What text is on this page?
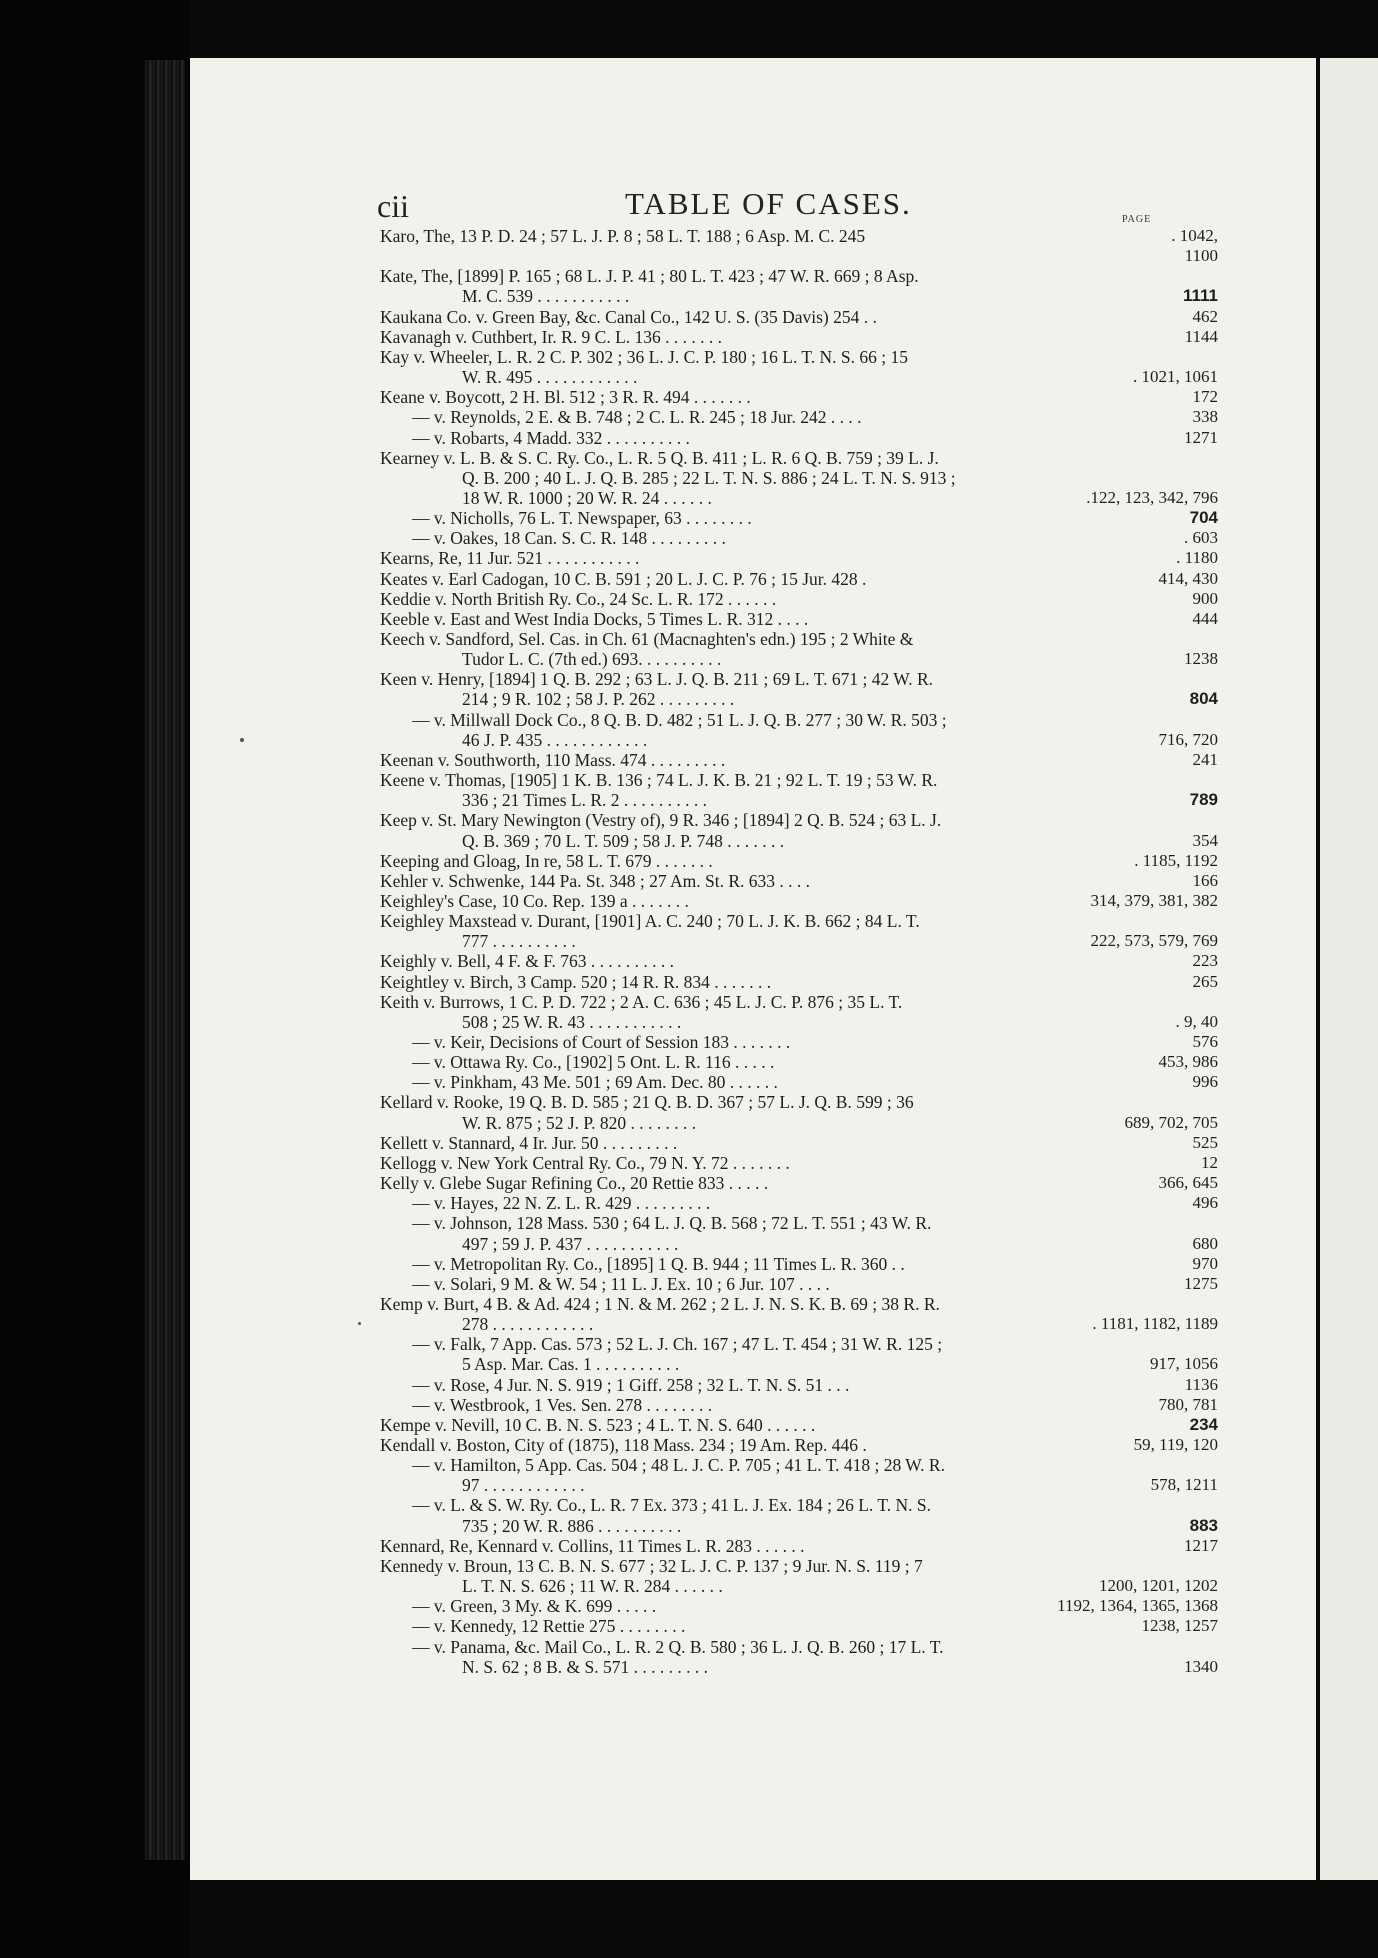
cii	TABLE OF CASES.	PAGE
Karo, The, 13 P. D. 24 ; 57 L. J. P. 8 ; 58 L. T. 188 ; 6 Asp. M. C. 245	. 1042,
1100
Kate, The, [1899] P. 165 ; 68 L. J. P. 41 ; 80 L. T. 423 ; 47 W. R. 669 ; 8 Asp.
M. C. 539 . . . . . . . . . . .	1111
Kaukana Co. v. Green Bay, &c. Canal Co., 142 U. S. (35 Davis) 254 . .	462
Kavanagh v. Cuthbert, Ir. R. 9 C. L. 136 . . . . . . .	1144
Kay v. Wheeler, L. R. 2 C. P. 302 ; 36 L. J. C. P. 180 ; 16 L. T. N. S. 66 ; 15
W. R. 495 . . . . . . . . . . . .	. 1021, 1061
Keane v. Boycott, 2 H. Bl. 512 ; 3 R. R. 494 . . . . . . .	172
— v. Reynolds, 2 E. & B. 748 ; 2 C. L. R. 245 ; 18 Jur. 242 . . . .	338
— v. Robarts, 4 Madd. 332 . . . . . . . . . .	1271
Kearney v. L. B. & S. C. Ry. Co., L. R. 5 Q. B. 411 ; L. R. 6 Q. B. 759 ; 39 L. J.
Q. B. 200 ; 40 L. J. Q. B. 285 ; 22 L. T. N. S. 886 ; 24 L. T. N. S. 913 ;
18 W. R. 1000 ; 20 W. R. 24 . . . . . .	.122, 123, 342, 796
— v. Nicholls, 76 L. T. Newspaper, 63 . . . . . . . .	704
— v. Oakes, 18 Can. S. C. R. 148 . . . . . . . . .	. 603
Kearns, Re, 11 Jur. 521 . . . . . . . . . . .	. 1180
Keates v. Earl Cadogan, 10 C. B. 591 ; 20 L. J. C. P. 76 ; 15 Jur. 428 .	414, 430
Keddie v. North British Ry. Co., 24 Sc. L. R. 172 . . . . . .	900
Keeble v. East and West India Docks, 5 Times L. R. 312 . . . .	444
Keech v. Sandford, Sel. Cas. in Ch. 61 (Macnaghten's edn.) 195 ; 2 White &
Tudor L. C. (7th ed.) 693. . . . . . . . . .	1238
Keen v. Henry, [1894] 1 Q. B. 292 ; 63 L. J. Q. B. 211 ; 69 L. T. 671 ; 42 W. R.
214 ; 9 R. 102 ; 58 J. P. 262 . . . . . . . . .	804
— v. Millwall Dock Co., 8 Q. B. D. 482 ; 51 L. J. Q. B. 277 ; 30 W. R. 503 ;
46 J. P. 435 . . . . . . . . . . . .	716, 720
Keenan v. Southworth, 110 Mass. 474 . . . . . . . . .	241
Keene v. Thomas, [1905] 1 K. B. 136 ; 74 L. J. K. B. 21 ; 92 L. T. 19 ; 53 W. R.
336 ; 21 Times L. R. 2 . . . . . . . . . .	789
Keep v. St. Mary Newington (Vestry of), 9 R. 346 ; [1894] 2 Q. B. 524 ; 63 L. J.
Q. B. 369 ; 70 L. T. 509 ; 58 J. P. 748 . . . . . . .	354
Keeping and Gloag, In re, 58 L. T. 679 . . . . . . .	. 1185, 1192
Kehler v. Schwenke, 144 Pa. St. 348 ; 27 Am. St. R. 633 . . . .	166
Keighley's Case, 10 Co. Rep. 139 a . . . . . . .	314, 379, 381, 382
Keighley Maxstead v. Durant, [1901] A. C. 240 ; 70 L. J. K. B. 662 ; 84 L. T.
777 . . . . . . . . . .	222, 573, 579, 769
Keighly v. Bell, 4 F. & F. 763 . . . . . . . . . .	223
Keightley v. Birch, 3 Camp. 520 ; 14 R. R. 834 . . . . . . .	265
Keith v. Burrows, 1 C. P. D. 722 ; 2 A. C. 636 ; 45 L. J. C. P. 876 ; 35 L. T.
508 ; 25 W. R. 43 . . . . . . . . . . .	. 9, 40
— v. Keir, Decisions of Court of Session 183 . . . . . . .	576
— v. Ottawa Ry. Co., [1902] 5 Ont. L. R. 116 . . . . .	453, 986
— v. Pinkham, 43 Me. 501 ; 69 Am. Dec. 80 . . . . . .	996
Kellard v. Rooke, 19 Q. B. D. 585 ; 21 Q. B. D. 367 ; 57 L. J. Q. B. 599 ; 36
W. R. 875 ; 52 J. P. 820 . . . . . . . .	689, 702, 705
Kellett v. Stannard, 4 Ir. Jur. 50 . . . . . . . . .	525
Kellogg v. New York Central Ry. Co., 79 N. Y. 72 . . . . . . .	12
Kelly v. Glebe Sugar Refining Co., 20 Rettie 833 . . . . .	366, 645
— v. Hayes, 22 N. Z. L. R. 429 . . . . . . . . .	496
— v. Johnson, 128 Mass. 530 ; 64 L. J. Q. B. 568 ; 72 L. T. 551 ; 43 W. R.
497 ; 59 J. P. 437 . . . . . . . . . . .	680
— v. Metropolitan Ry. Co., [1895] 1 Q. B. 944 ; 11 Times L. R. 360 . .	970
— v. Solari, 9 M. & W. 54 ; 11 L. J. Ex. 10 ; 6 Jur. 107 . . . .	1275
Kemp v. Burt, 4 B. & Ad. 424 ; 1 N. & M. 262 ; 2 L. J. N. S. K. B. 69 ; 38 R. R.
278 . . . . . . . . . . . .	. 1181, 1182, 1189
— v. Falk, 7 App. Cas. 573 ; 52 L. J. Ch. 167 ; 47 L. T. 454 ; 31 W. R. 125 ;
5 Asp. Mar. Cas. 1 . . . . . . . . . .	917, 1056
— v. Rose, 4 Jur. N. S. 919 ; 1 Giff. 258 ; 32 L. T. N. S. 51 . . .	1136
— v. Westbrook, 1 Ves. Sen. 278 . . . . . . . .	780, 781
Kempe v. Nevill, 10 C. B. N. S. 523 ; 4 L. T. N. S. 640 . . . . . .	234
Kendall v. Boston, City of (1875), 118 Mass. 234 ; 19 Am. Rep. 446 .	59, 119, 120
— v. Hamilton, 5 App. Cas. 504 ; 48 L. J. C. P. 705 ; 41 L. T. 418 ; 28 W. R.
97 . . . . . . . . . . . .	578, 1211
— v. L. & S. W. Ry. Co., L. R. 7 Ex. 373 ; 41 L. J. Ex. 184 ; 26 L. T. N. S.
735 ; 20 W. R. 886 . . . . . . . . . .	883
Kennard, Re, Kennard v. Collins, 11 Times L. R. 283 . . . . . .	1217
Kennedy v. Broun, 13 C. B. N. S. 677 ; 32 L. J. C. P. 137 ; 9 Jur. N. S. 119 ; 7
L. T. N. S. 626 ; 11 W. R. 284 . . . . . .	1200, 1201, 1202
— v. Green, 3 My. & K. 699 . . . . .	1192, 1364, 1365, 1368
— v. Kennedy, 12 Rettie 275 . . . . . . . .	1238, 1257
— v. Panama, &c. Mail Co., L. R. 2 Q. B. 580 ; 36 L. J. Q. B. 260 ; 17 L. T.
N. S. 62 ; 8 B. & S. 571 . . . . . . . . .	1340
